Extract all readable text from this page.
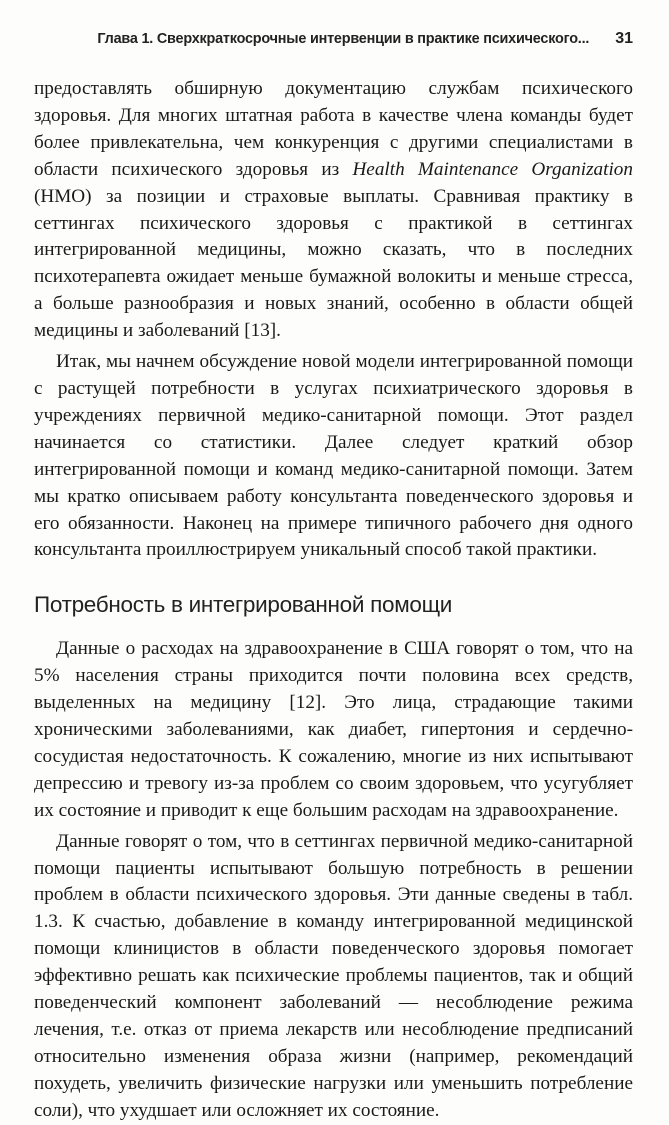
Глава 1. Сверхкраткосрочные интервенции в практике психического... 31

предоставлять обширную документацию службам психического здоровья. Для многих штатная работа в качестве члена команды будет более привлекательна, чем конкуренция с другими специалистами в области психического здоровья из Health Maintenance Organization (HMO) за позиции и страховые выплаты. Сравнивая практику в сеттингах психического здоровья с практикой в сеттингах интегрированной медицины, можно сказать, что в последних психотерапевта ожидает меньше бумажной волокиты и меньше стресса, а больше разнообразия и новых знаний, особенно в области общей медицины и заболеваний [13].

Итак, мы начнем обсуждение новой модели интегрированной помощи с растущей потребности в услугах психиатрического здоровья в учреждениях первичной медико-санитарной помощи. Этот раздел начинается со статистики. Далее следует краткий обзор интегрированной помощи и команд медико-санитарной помощи. Затем мы кратко описываем работу консультанта поведенческого здоровья и его обязанности. Наконец на примере типичного рабочего дня одного консультанта проиллюстрируем уникальный способ такой практики.

Потребность в интегрированной помощи

Данные о расходах на здравоохранение в США говорят о том, что на 5% населения страны приходится почти половина всех средств, выделенных на медицину [12]. Это лица, страдающие такими хроническими заболеваниями, как диабет, гипертония и сердечно-сосудистая недостаточность. К сожалению, многие из них испытывают депрессию и тревогу из-за проблем со своим здоровьем, что усугубляет их состояние и приводит к еще большим расходам на здравоохранение.

Данные говорят о том, что в сеттингах первичной медико-санитарной помощи пациенты испытывают большую потребность в решении проблем в области психического здоровья. Эти данные сведены в табл. 1.3. К счастью, добавление в команду интегрированной медицинской помощи клиницистов в области поведенческого здоровья помогает эффективно решать как психические проблемы пациентов, так и общий поведенческий компонент заболеваний — несоблюдение режима лечения, т.е. отказ от приема лекарств или несоблюдение предписаний относительно изменения образа жизни (например, рекомендаций похудеть, увеличить физические нагрузки или уменьшить потребление соли), что ухудшает или осложняет их состояние.
